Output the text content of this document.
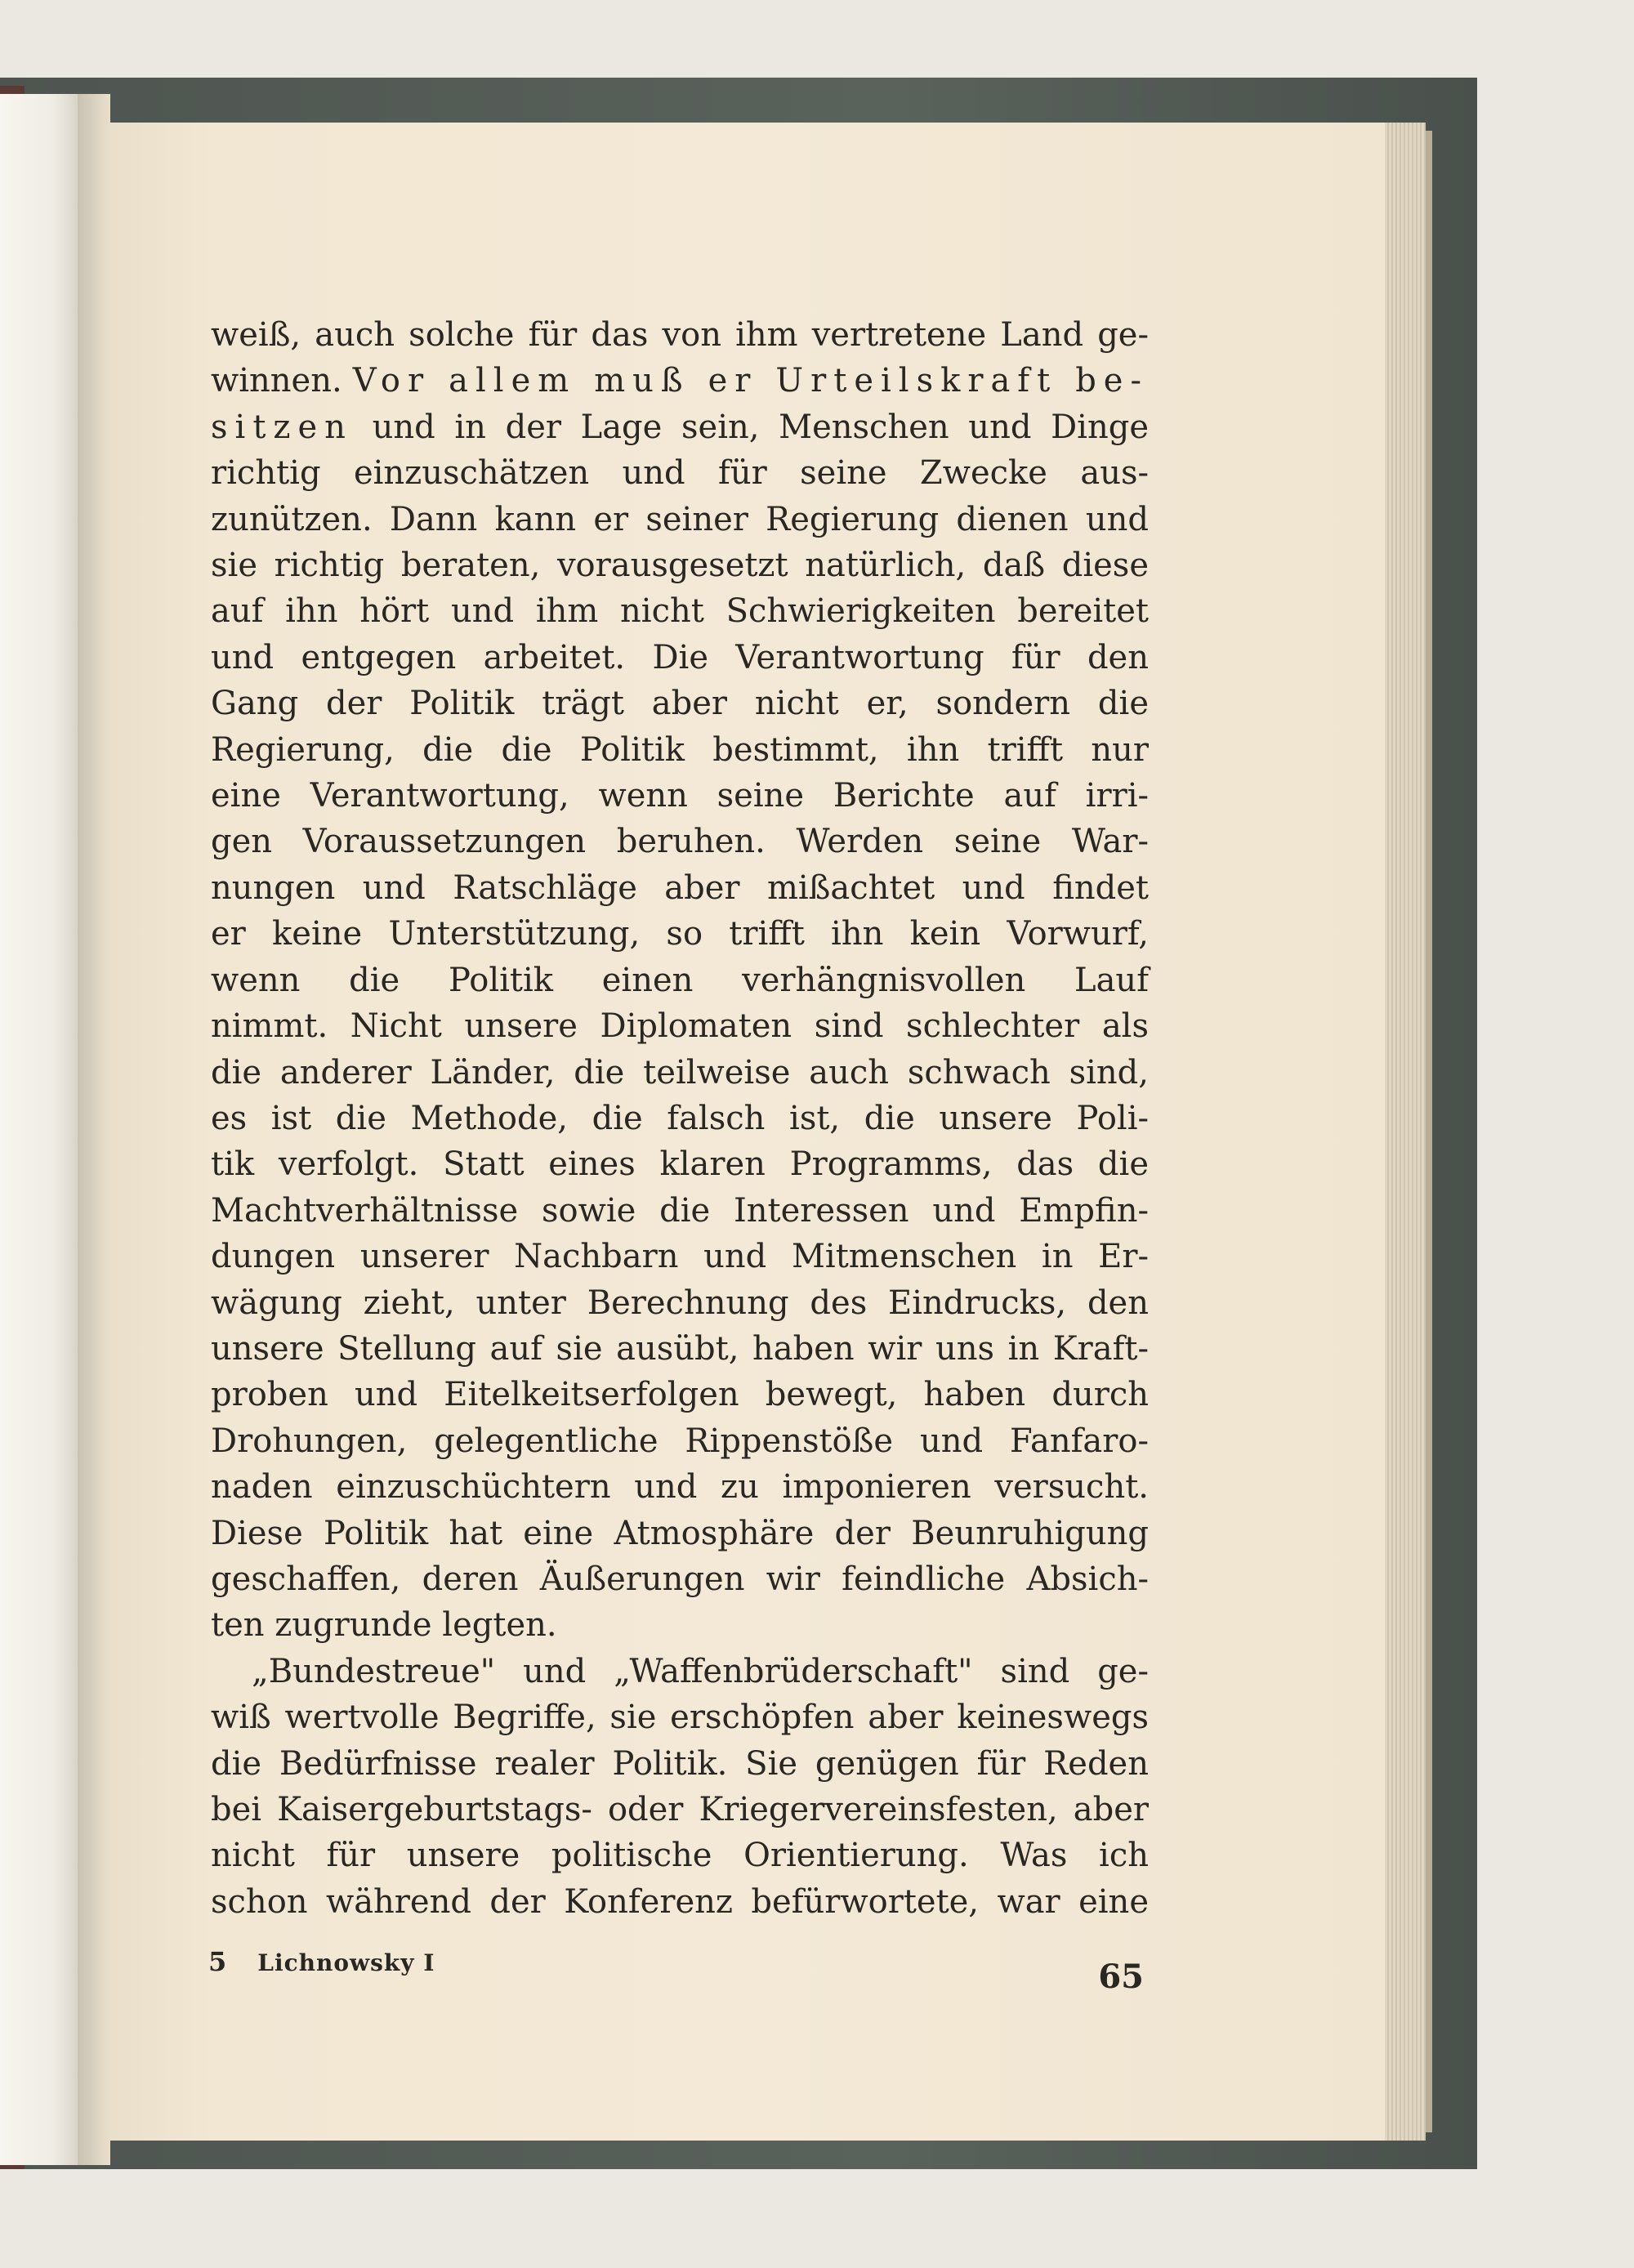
weiß, auch solche für das von ihm vertretene Land ge-
winnen. Vor allem muß er Urteilskraft be-
sitzen und in der Lage sein, Menschen und Dinge
richtig einzuschätzen und für seine Zwecke aus-
zunützen. Dann kann er seiner Regierung dienen und
sie richtig beraten, vorausgesetzt natürlich, daß diese
auf ihn hört und ihm nicht Schwierigkeiten bereitet
und entgegen arbeitet. Die Verantwortung für den
Gang der Politik trägt aber nicht er, sondern die
Regierung, die die Politik bestimmt, ihn trifft nur
eine Verantwortung, wenn seine Berichte auf irri-
gen Voraussetzungen beruhen. Werden seine War-
nungen und Ratschläge aber mißachtet und findet
er keine Unterstützung, so trifft ihn kein Vorwurf,
wenn die Politik einen verhängnisvollen Lauf
nimmt. Nicht unsere Diplomaten sind schlechter als
die anderer Länder, die teilweise auch schwach sind,
es ist die Methode, die falsch ist, die unsere Poli-
tik verfolgt. Statt eines klaren Programms, das die
Machtverhältnisse sowie die Interessen und Empfin-
dungen unserer Nachbarn und Mitmenschen in Er-
wägung zieht, unter Berechnung des Eindrucks, den
unsere Stellung auf sie ausübt, haben wir uns in Kraft-
proben und Eitelkeitserfolgen bewegt, haben durch
Drohungen, gelegentliche Rippenstöße und Fanfaro-
naden einzuschüchtern und zu imponieren versucht.
Diese Politik hat eine Atmosphäre der Beunruhigung
geschaffen, deren Äußerungen wir feindliche Absich-
ten zugrunde legten.
„Bundestreue" und „Waffenbrüderschaft" sind ge-
wiß wertvolle Begriffe, sie erschöpfen aber keineswegs
die Bedürfnisse realer Politik. Sie genügen für Reden
bei Kaisergeburtstags- oder Kriegervereinsfesten, aber
nicht für unsere politische Orientierung. Was ich
schon während der Konferenz befürwortete, war eine
5 Lichnowsky I	65
